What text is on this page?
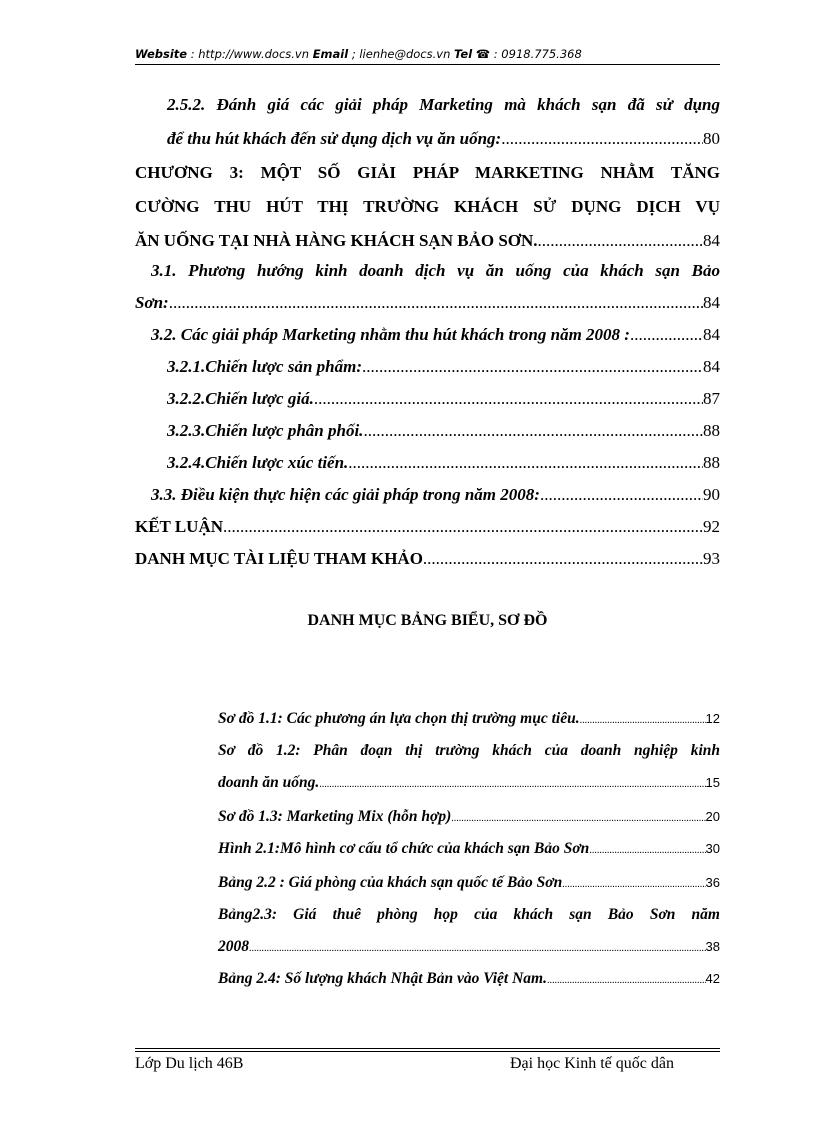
Website : http://www.docs.vn Email ; lienhe@docs.vn Tel ☎ : 0918.775.368
2.5.2. Đánh giá các giải pháp Marketing mà khách sạn đã sử dụng
để thu hút khách đến sử dụng dịch vụ ăn uống: .....	80
CHƯƠNG 3: MỘT SỐ GIẢI PHÁP MARKETING NHẰM TĂNG
CƯỜNG THU HÚT THỊ TRƯỜNG KHÁCH SỬ DỤNG DỊCH VỤ
ĂN UỐNG TẠI NHÀ HÀNG KHÁCH SẠN BẢO SƠN. .....	84
3.1. Phương hướng kinh doanh dịch vụ ăn uống của khách sạn Bảo
Sơn: .....	84
3.2. Các giải pháp Marketing nhằm thu hút khách trong năm 2008 : .....	84
3.2.1.Chiến lược sản phẩm: .....	84
3.2.2.Chiến lược giá. .....	87
3.2.3.Chiến lược phân phối. .....	88
3.2.4.Chiến lược xúc tiến. .....	88
3.3. Điều kiện thực hiện các giải pháp trong năm 2008: .....	90
KẾT LUẬN .....	92
DANH MỤC TÀI LIỆU THAM KHẢO .....	93
DANH MỤC BẢNG BIỂU, SƠ ĐỒ
Sơ đồ 1.1: Các phương án lựa chọn thị trường mục tiêu. .....	12
Sơ đồ 1.2: Phân đoạn thị trường khách của doanh nghiệp kinh
doanh ăn uống. .....	15
Sơ đồ 1.3: Marketing Mix (hỗn hợp) .....	20
Hình 2.1:Mô hình cơ cấu tổ chức của khách sạn Bảo Sơn .....	30
Bảng 2.2 : Giá phòng của khách sạn quốc tế Bảo Sơn .....	36
Bảng2.3: Giá thuê phòng họp của khách sạn Bảo Sơn năm
2008 .....	38
Bảng 2.4: Số lượng khách Nhật Bản vào Việt Nam. .....	42
Lớp Du lịch 46B	Đại học Kinh tế quốc dân
